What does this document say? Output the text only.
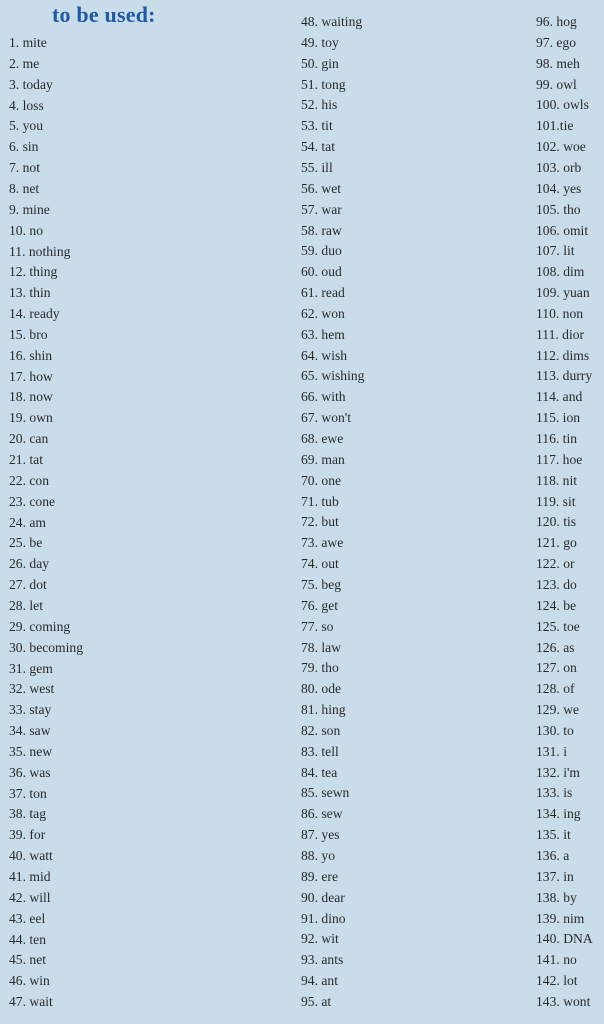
to be used:
1. mite
2. me
3. today
4. loss
5. you
6. sin
7. not
8. net
9. mine
10. no
11. nothing
12. thing
13. thin
14. ready
15. bro
16. shin
17. how
18. now
19. own
20. can
21. tat
22. con
23. cone
24. am
25. be
26. day
27. dot
28. let
29. coming
30. becoming
31. gem
32. west
33. stay
34. saw
35. new
36. was
37. ton
38. tag
39. for
40. watt
41. mid
42. will
43. eel
44. ten
45. net
46. win
47. wait
48. waiting
49. toy
50. gin
51. tong
52. his
53. tit
54. tat
55. ill
56. wet
57. war
58. raw
59. duo
60. oud
61. read
62. won
63. hem
64. wish
65. wishing
66. with
67. won't
68. ewe
69. man
70. one
71. tub
72. but
73. awe
74. out
75. beg
76. get
77. so
78. law
79. tho
80. ode
81. hing
82. son
83. tell
84. tea
85. sewn
86. sew
87. yes
88. yo
89. ere
90. dear
91. dino
92. wit
93. ants
94. ant
95. at
96. hog
97. ego
98. meh
99. owl
100. owls
101.tie
102. woe
103. orb
104. yes
105. tho
106. omit
107. lit
108. dim
109. yuan
110. non
111. dior
112. dims
113. durry
114. and
115. ion
116. tin
117. hoe
118. nit
119. sit
120. tis
121. go
122. or
123. do
124. be
125. toe
126. as
127. on
128. of
129. we
130. to
131. i
132. i'm
133. is
134. ing
135. it
136. a
137. in
138. by
139. nim
140. DNA
141. no
142. lot
143. wont
